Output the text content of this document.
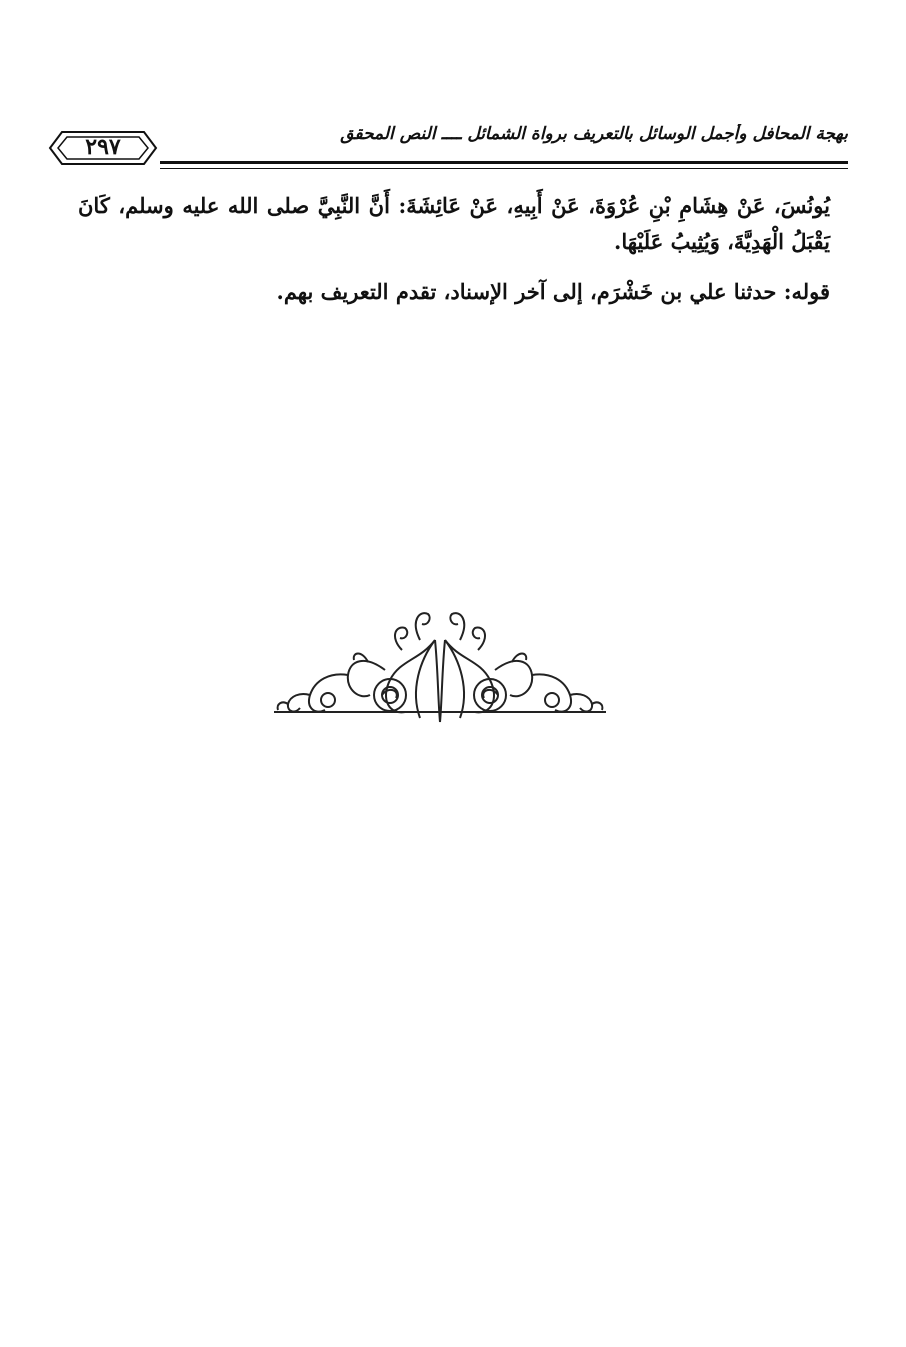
٢٩٧	بهجة المحافل وأجمل الوسائل بالتعريف برواة الشمائل ــــ النص المحقق

يُونُسَ، عَنْ هِشَامِ بْنِ عُرْوَةَ، عَنْ أَبِيهِ، عَنْ عَائِشَةَ: أَنَّ النَّبِيَّ صلى الله عليه وسلم، كَانَ يَقْبَلُ الْهَدِيَّةَ، وَيُثِيبُ عَلَيْهَا.

قوله: حدثنا علي بن خَشْرَم، إلى آخر الإسناد، تقدم التعريف بهم.
